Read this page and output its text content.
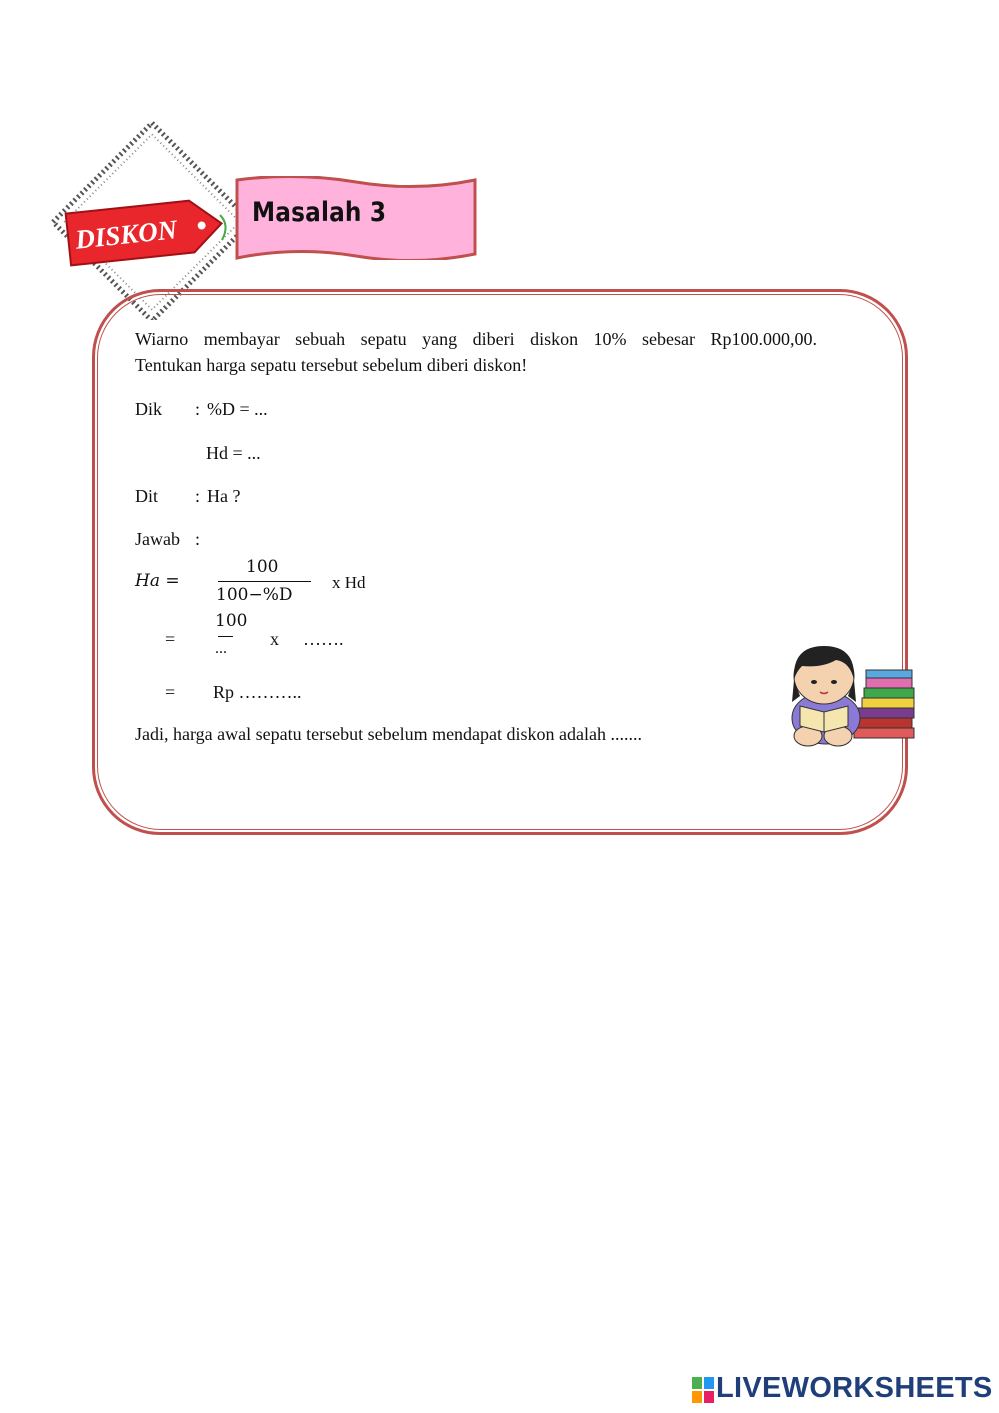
DISKON
Masalah 3
Wiarno membayar sebuah sepatu yang diberi diskon 10% sebesar Rp100.000,00.
Tentukan harga sepatu tersebut sebelum diberi diskon!
Dik : %D = ...
Hd = ...
Dit : Ha ?
Jawab :
Ha =
100
100−%D
x Hd
=
100
... x …….
= Rp ………..
Jadi, harga awal sepatu tersebut sebelum mendapat diskon adalah .......
LIVEWORKSHEETS
